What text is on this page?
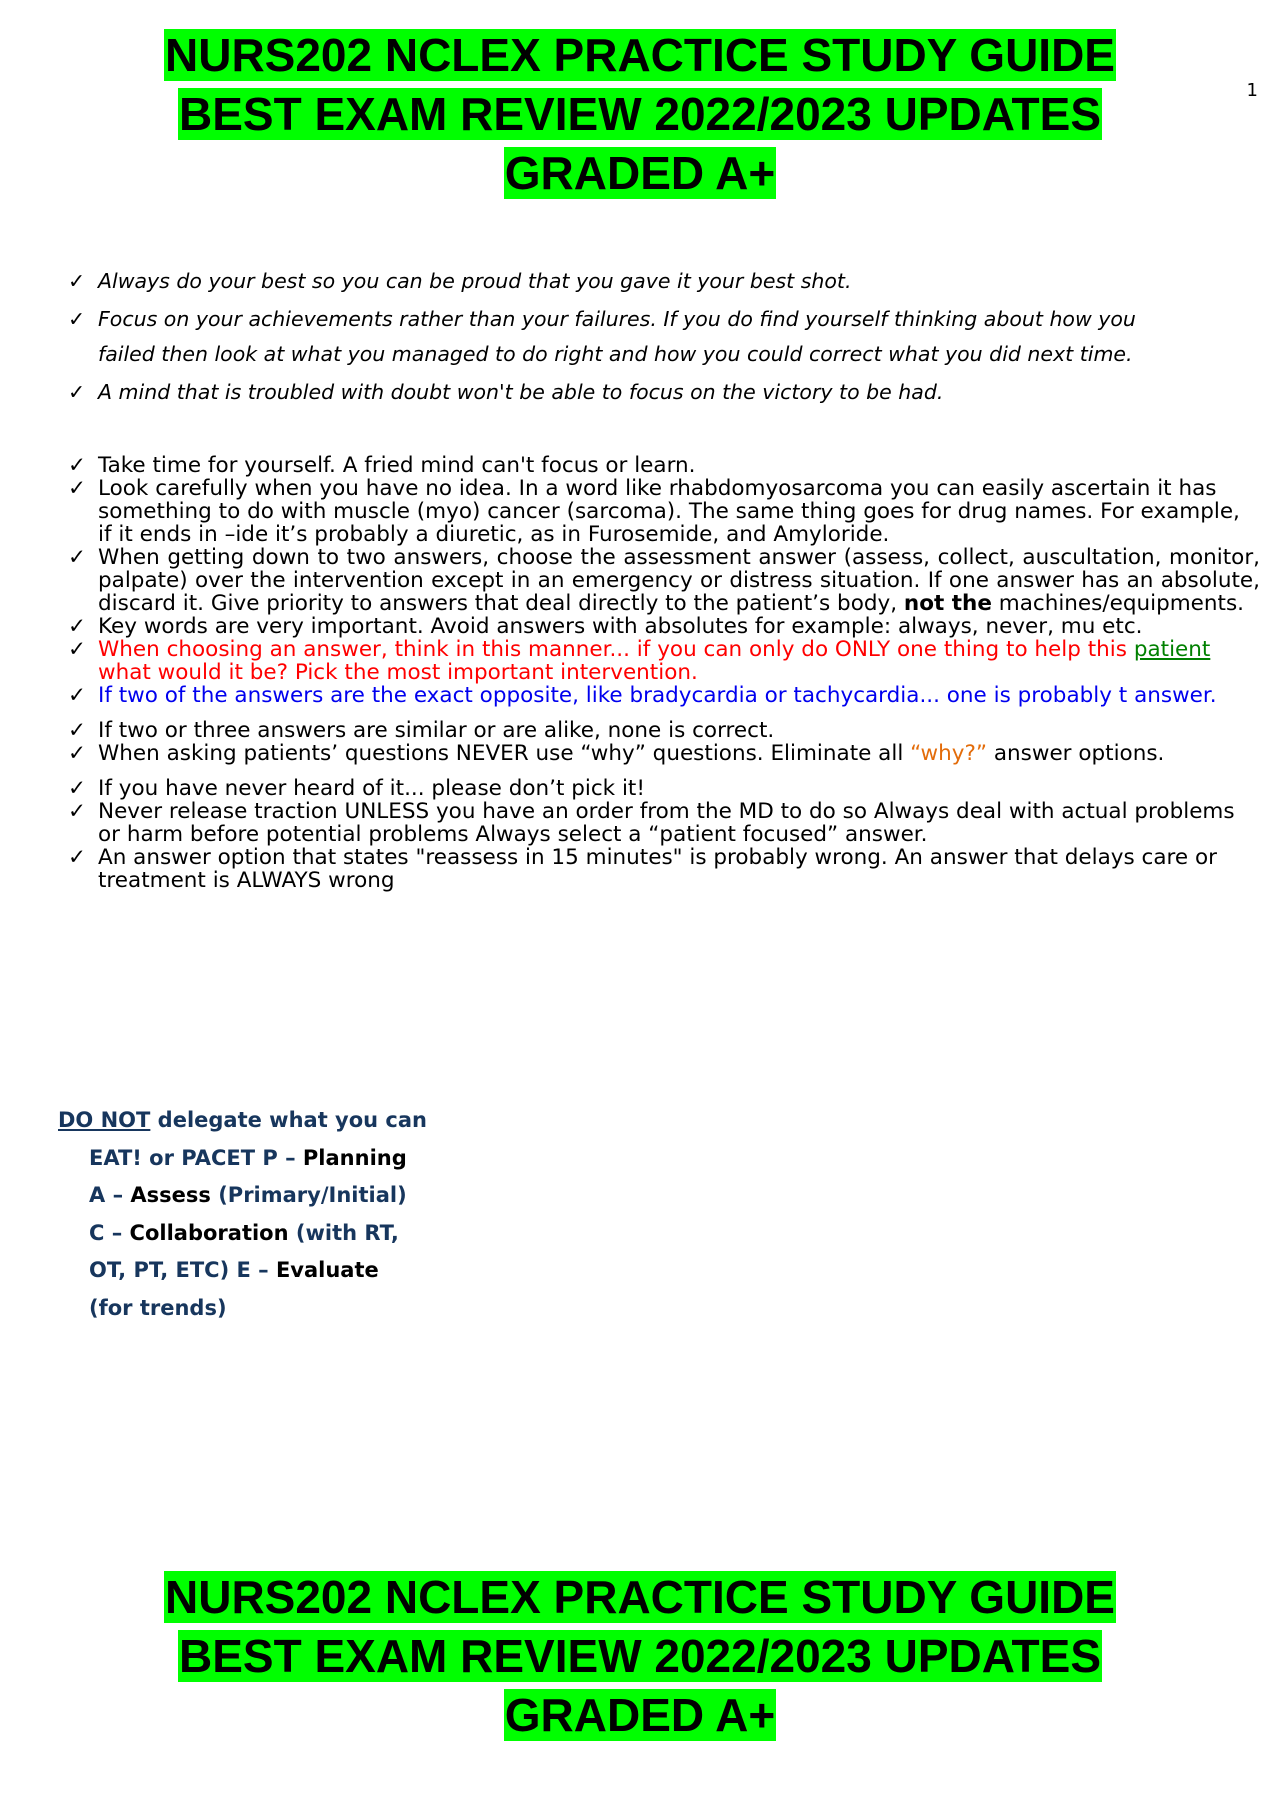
1
NURS202 NCLEX PRACTICE STUDY GUIDE
BEST EXAM REVIEW 2022/2023 UPDATES
GRADED A+
✓ Always do your best so you can be proud that you gave it your best shot.
✓ Focus on your achievements rather than your failures. If you do find yourself thinking about how you failed then look at what you managed to do right and how you could correct what you did next time.
✓ A mind that is troubled with doubt won't be able to focus on the victory to be had.
✓ Take time for yourself. A fried mind can't focus or learn.
✓ Look carefully when you have no idea. In a word like rhabdomyosarcoma you can easily ascertain it has something to do with muscle (myo) cancer (sarcoma). The same thing goes for drug names. For example, if it ends in –ide it’s probably a diuretic, as in Furosemide, and Amyloride.
✓ When getting down to two answers, choose the assessment answer (assess, collect, auscultation, monitor, palpate) over the intervention except in an emergency or distress situation. If one answer has an absolute, discard it. Give priority to answers that deal directly to the patient’s body, not the machines/equipments.
✓ Key words are very important. Avoid answers with absolutes for example: always, never, mu etc.
✓ When choosing an answer, think in this manner... if you can only do ONLY one thing to help this patient what would it be? Pick the most important intervention.
✓ If two of the answers are the exact opposite, like bradycardia or tachycardia... one is probably t answer.
✓ If two or three answers are similar or are alike, none is correct.
✓ When asking patients’ questions NEVER use “why” questions. Eliminate all “why?” answer options.
✓ If you have never heard of it... please don’t pick it!
✓ Never release traction UNLESS you have an order from the MD to do so Always deal with actual problems or harm before potential problems Always select a “patient focused” answer.
✓ An answer option that states "reassess in 15 minutes" is probably wrong. An answer that delays care or treatment is ALWAYS wrong
DO NOT delegate what you can
EAT! or PACET P – Planning
A – Assess (Primary/Initial)
C – Collaboration (with RT,
OT, PT, ETC) E – Evaluate
(for trends)
NURS202 NCLEX PRACTICE STUDY GUIDE
BEST EXAM REVIEW 2022/2023 UPDATES
GRADED A+
